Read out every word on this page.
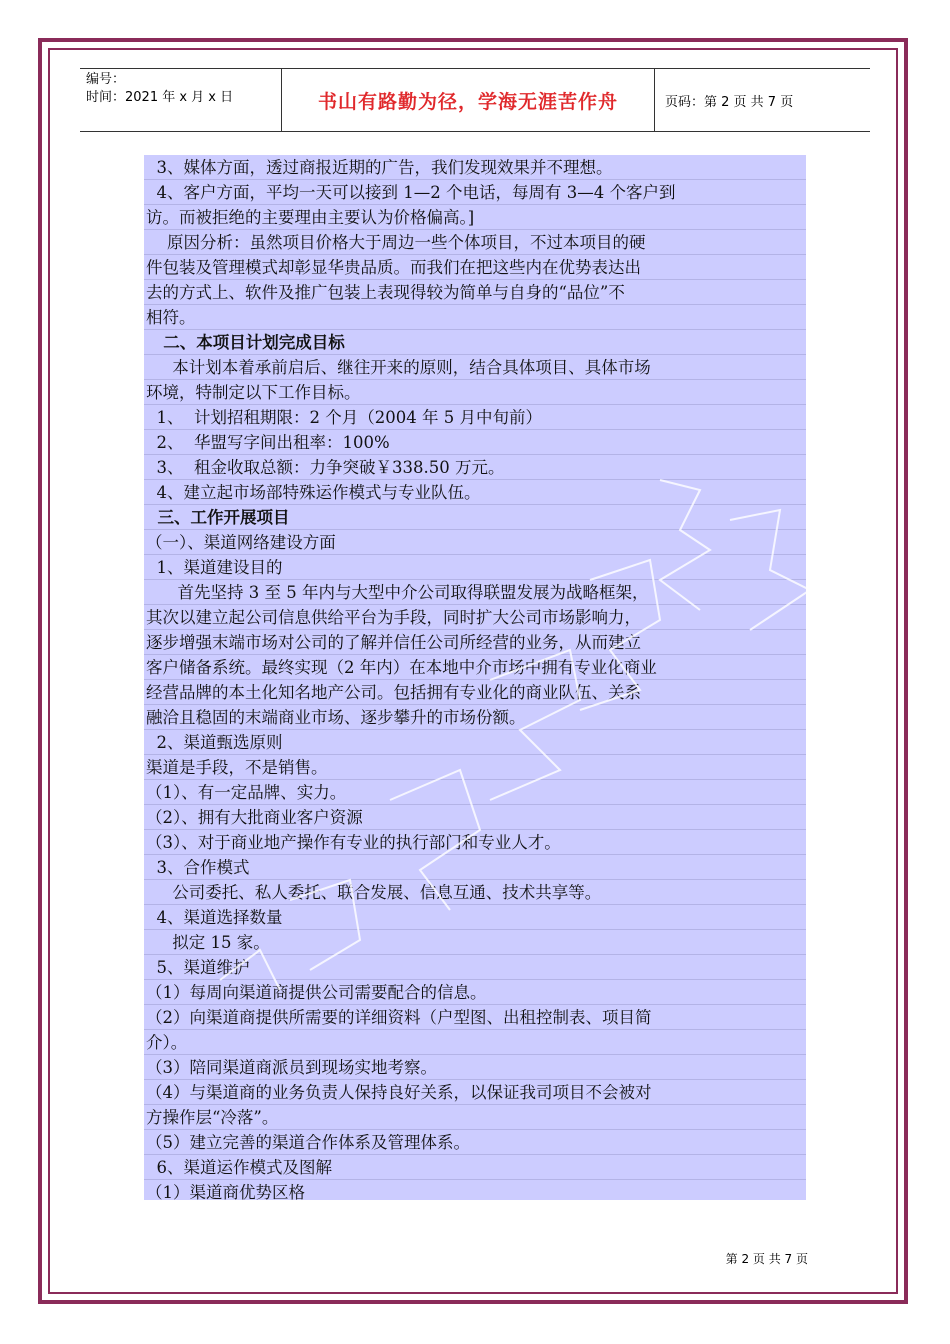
编号：
时间：2021 年 x 月 x 日	书山有路勤为径，学海无涯苦作舟	页码：第 2 页 共 7 页

3、媒体方面，透过商报近期的广告，我们发现效果并不理想。

4、客户方面，平均一天可以接到 1—2 个电话，每周有 3—4 个客户到

访。而被拒绝的主要理由主要认为价格偏高。]

原因分析：虽然项目价格大于周边一些个体项目，不过本项目的硬

件包装及管理模式却彰显华贵品质。而我们在把这些内在优势表达出

去的方式上、软件及推广包装上表现得较为简单与自身的“品位”不

相符。

二、本项目计划完成目标

本计划本着承前启后、继往开来的原则，结合具体项目、具体市场

环境，特制定以下工作目标。

1、  计划招租期限：2 个月（2004 年 5 月中旬前）

2、  华盟写字间出租率：100%

3、  租金收取总额：力争突破￥338.50 万元。

4、建立起市场部特殊运作模式与专业队伍。

三、工作开展项目

（一）、渠道网络建设方面

1、渠道建设目的

首先坚持 3 至 5 年内与大型中介公司取得联盟发展为战略框架，

其次以建立起公司信息供给平台为手段，同时扩大公司市场影响力，

逐步增强末端市场对公司的了解并信任公司所经营的业务，从而建立

客户储备系统。最终实现（2 年内）在本地中介市场中拥有专业化商业

经营品牌的本土化知名地产公司。包括拥有专业化的商业队伍、关系

融洽且稳固的末端商业市场、逐步攀升的市场份额。

2、渠道甄选原则

渠道是手段，不是销售。

（1）、有一定品牌、实力。

（2）、拥有大批商业客户资源

（3）、对于商业地产操作有专业的执行部门和专业人才。

3、合作模式

公司委托、私人委托、联合发展、信息互通、技术共享等。

4、渠道选择数量

拟定 15 家。

5、渠道维护

（1）每周向渠道商提供公司需要配合的信息。

（2）向渠道商提供所需要的详细资料（户型图、出租控制表、项目简

介）。

（3）陪同渠道商派员到现场实地考察。

（4）与渠道商的业务负责人保持良好关系，以保证我司项目不会被对

方操作层“冷落”。

（5）建立完善的渠道合作体系及管理体系。

6、渠道运作模式及图解

（1）渠道商优势区格

第 2 页 共 7 页
